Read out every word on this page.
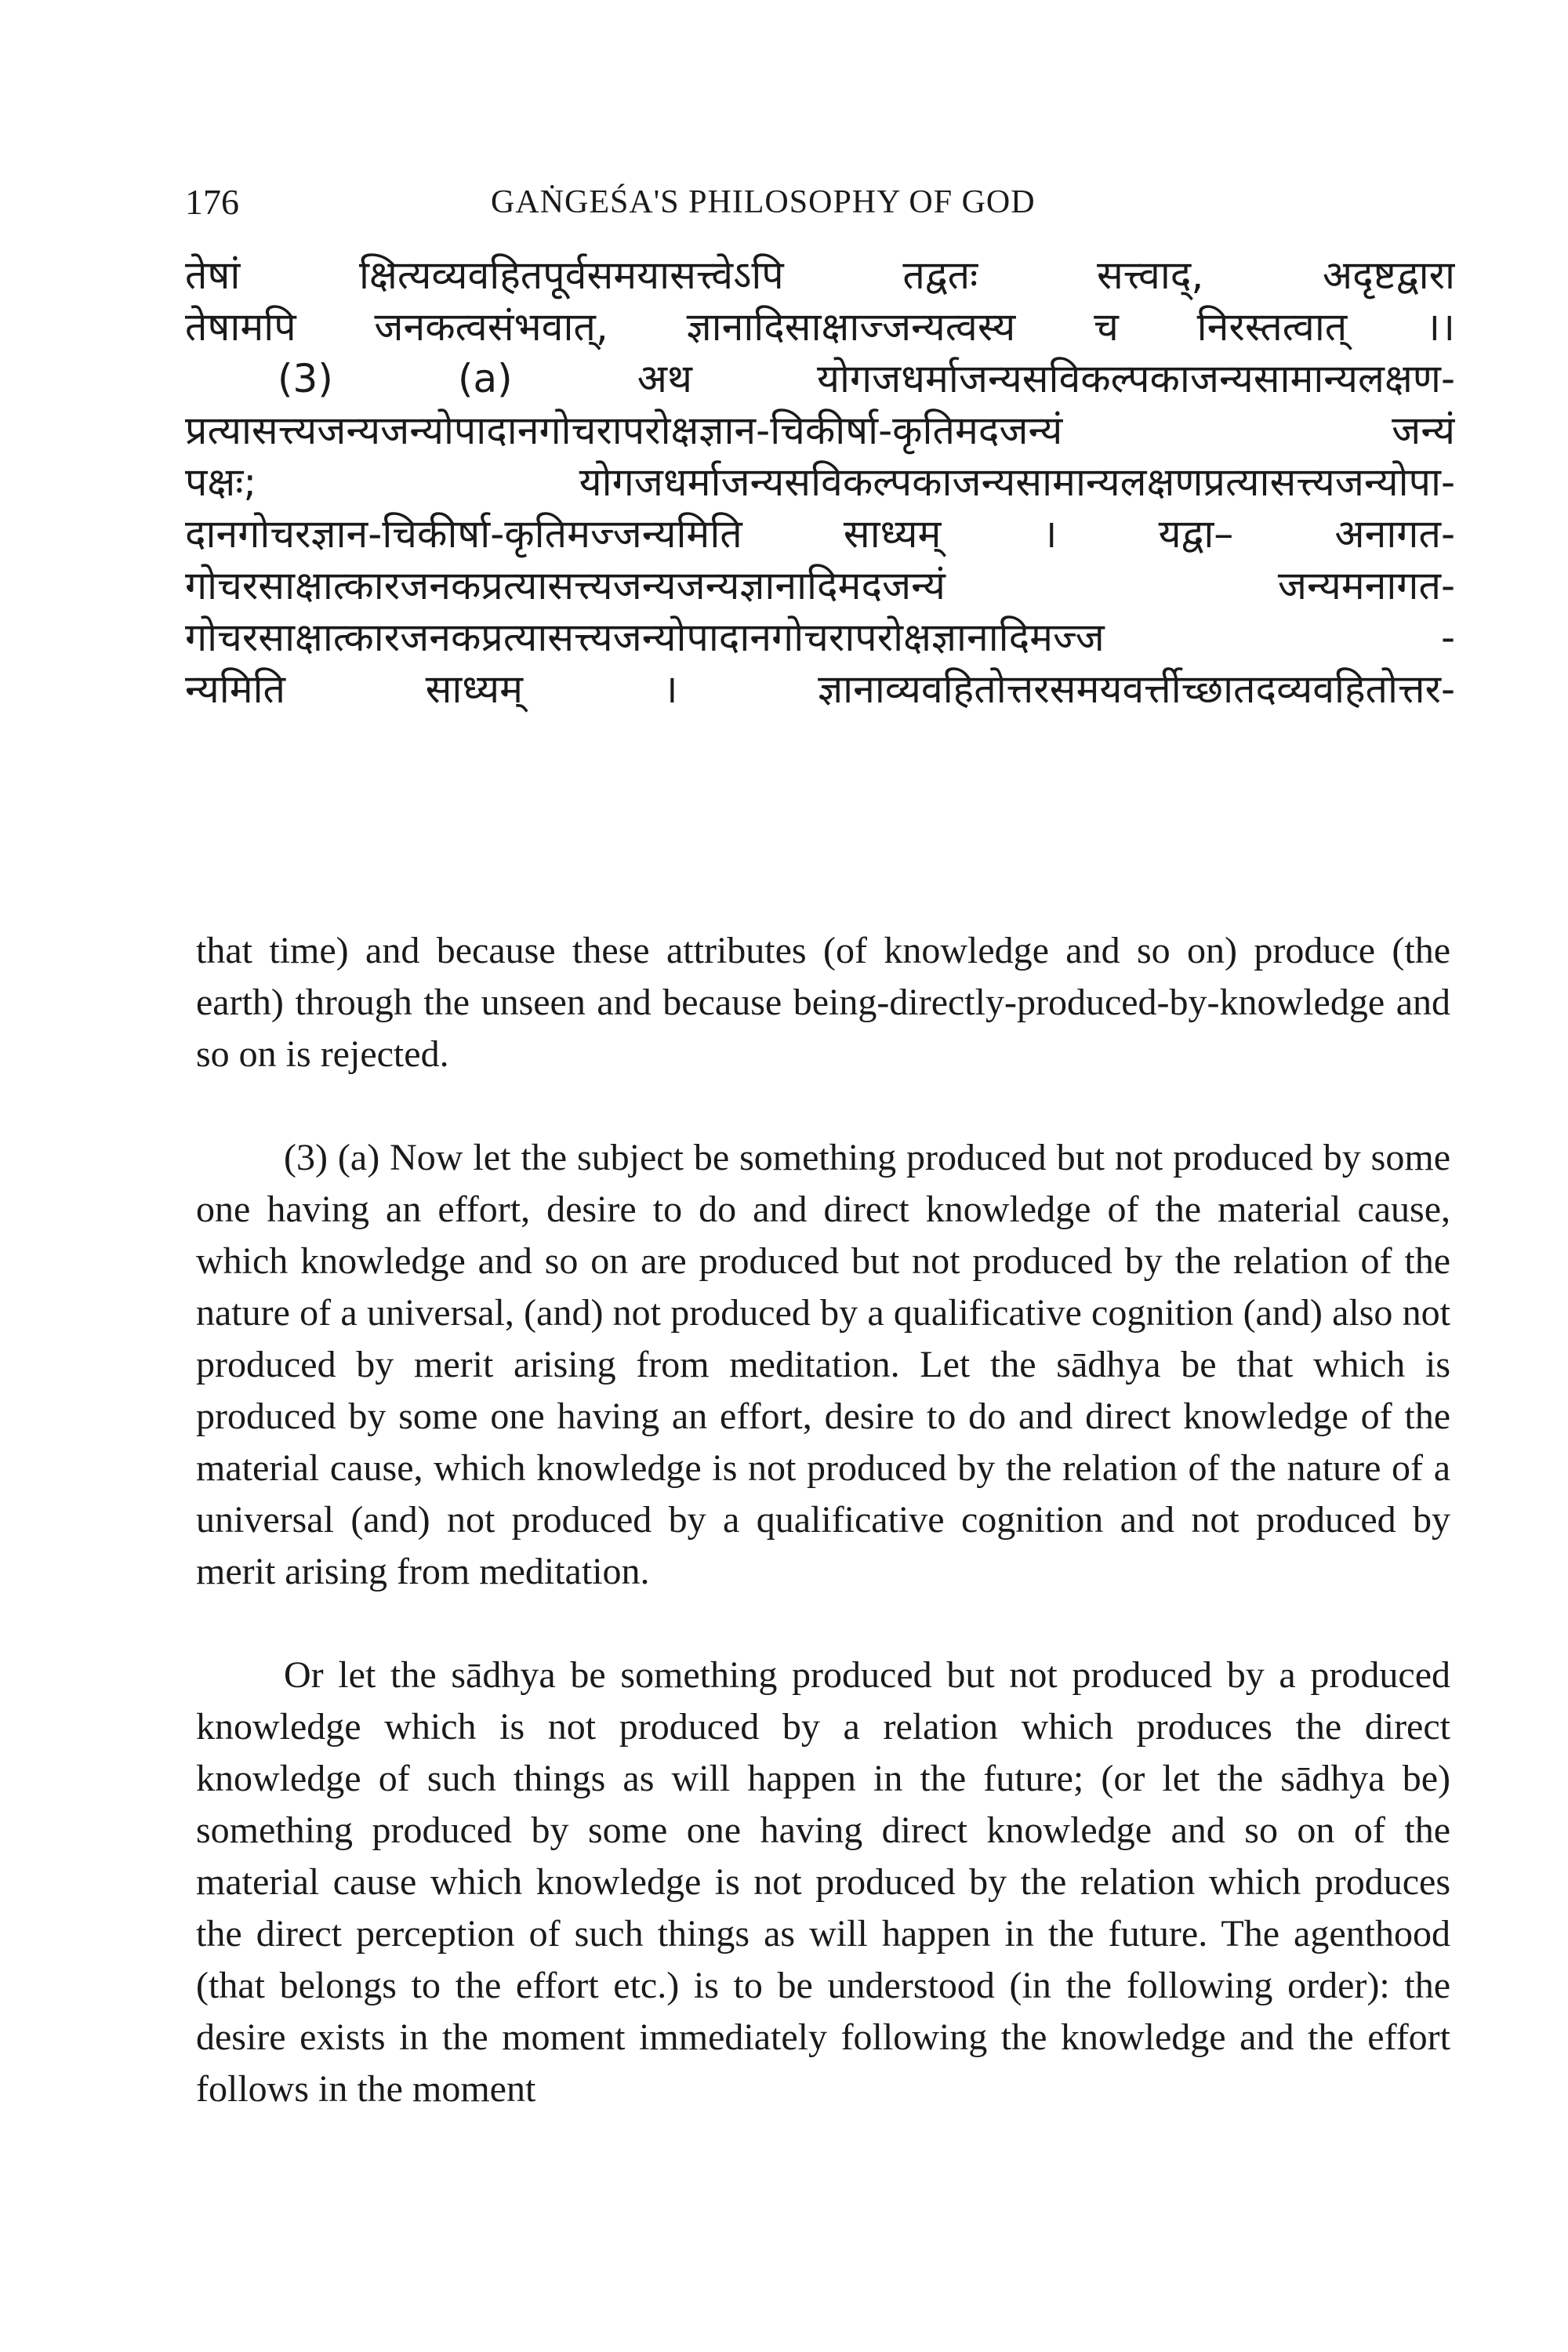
176	GAṄGEŚA'S PHILOSOPHY OF GOD
तेषां क्षित्यव्यवहितपूर्वसमयासत्त्वेऽपि तद्वतः सत्त्वाद्, अदृष्टद्वारा
तेषामपि जनकत्वसंभवात्, ज्ञानादिसाक्षाज्जन्यत्वस्य च निरस्तत्वात् ।।
(3) (a) अथ योगजधर्माजन्यसविकल्पकाजन्यसामान्यलक्षण-
प्रत्यासत्त्यजन्यजन्योपादानगोचरापरोक्षज्ञान-चिकीर्षा-कृतिमदजन्यं जन्यं
पक्षः; योगजधर्माजन्यसविकल्पकाजन्यसामान्यलक्षणप्रत्यासत्त्यजन्योपा-
दानगोचरज्ञान-चिकीर्षा-कृतिमज्जन्यमिति साध्यम् । यद्वा– अनागत-
गोचरसाक्षात्कारजनकप्रत्यासत्त्यजन्यजन्यज्ञानादिमदजन्यं जन्यमनागत-
गोचरसाक्षात्कारजनकप्रत्यासत्त्यजन्योपादानगोचरापरोक्षज्ञानादिमज्ज -
न्यमिति साध्यम् । ज्ञानाव्यवहितोत्तरसमयवर्त्तीच्छातदव्यवहितोत्तर-

that time) and because these attributes (of knowledge and so on) produce (the earth) through the unseen and because being-directly-produced-by-knowledge and so on is rejected.

(3) (a) Now let the subject be something produced but not produced by some one having an effort, desire to do and direct knowledge of the material cause, which knowledge and so on are produced but not produced by the relation of the nature of a universal, (and) not produced by a qualificative cognition (and) also not produced by merit arising from meditation. Let the sādhya be that which is produced by some one having an effort, desire to do and direct knowledge of the material cause, which knowledge is not produced by the relation of the nature of a universal (and) not produced by a qualificative cognition and not produced by merit arising from meditation.

Or let the sādhya be something produced but not produced by a produced knowledge which is not produced by a relation which produces the direct knowledge of such things as will happen in the future; (or let the sādhya be) something produced by some one having direct knowledge and so on of the material cause which knowledge is not produced by the relation which produces the direct perception of such things as will happen in the future. The agenthood (that belongs to the effort etc.) is to be understood (in the following order): the desire exists in the moment immediately following the knowledge and the effort follows in the moment
